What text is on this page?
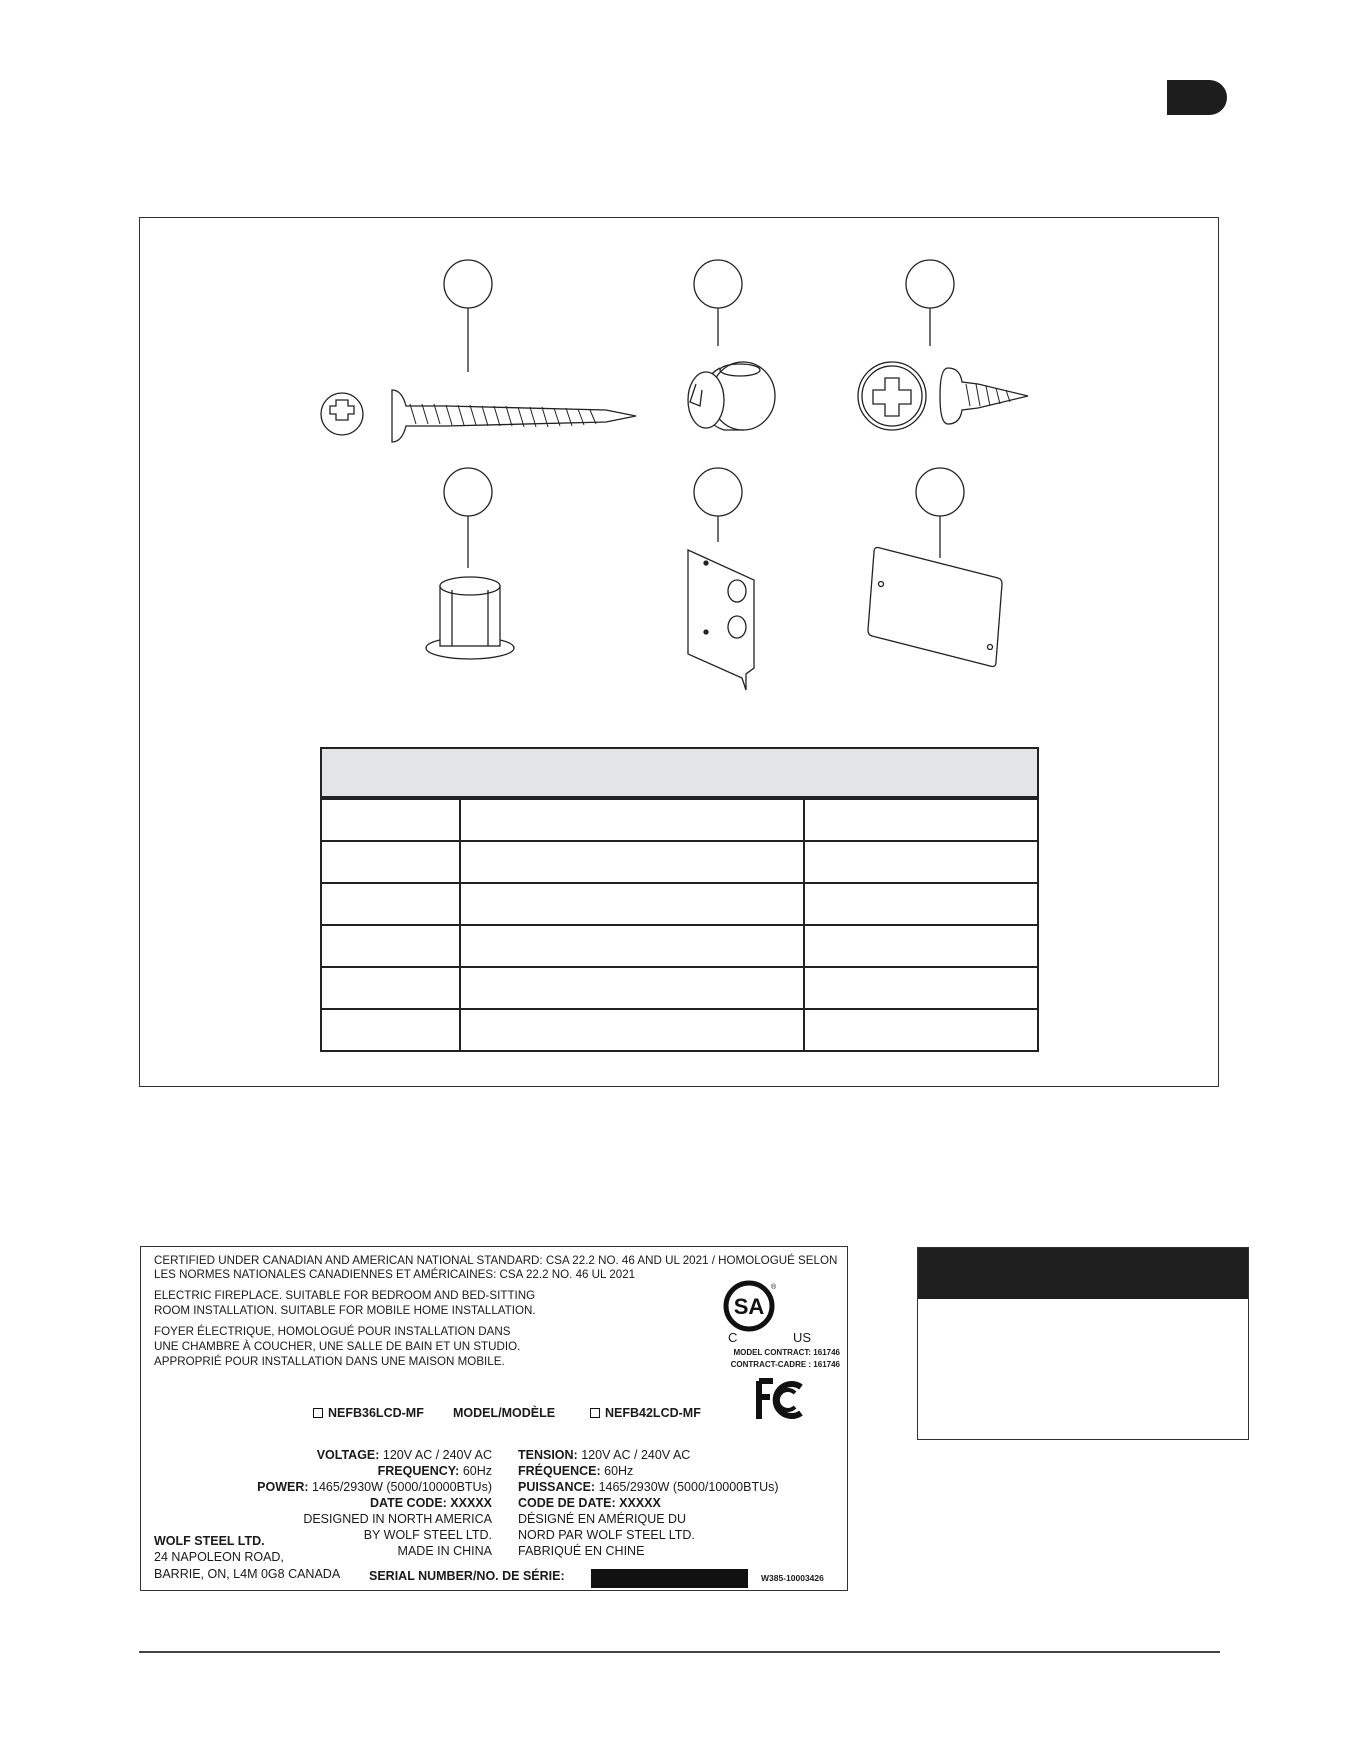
CERTIFIED UNDER CANADIAN AND AMERICAN NATIONAL STANDARD: CSA 22.2 NO. 46 AND UL 2021 / HOMOLOGUÉ SELON

LES NORMES NATIONALES CANADIENNES ET AMÉRICAINES: CSA 22.2 NO. 46 UL 2021

ELECTRIC FIREPLACE. SUITABLE FOR BEDROOM AND BED-SITTING

ROOM INSTALLATION. SUITABLE FOR MOBILE HOME INSTALLATION.

FOYER ÉLECTRIQUE, HOMOLOGUÉ POUR INSTALLATION DANS

UNE CHAMBRE À COUCHER, UNE SALLE DE BAIN ET UN STUDIO.

APPROPRIÉ POUR INSTALLATION DANS UNE MAISON MOBILE.

SA
®

C	US

MODEL CONTRACT: 161746

CONTRACT-CADRE : 161746

NEFB36LCD-MF MODEL/MODÈLE	NEFB42LCD-MF

VOLTAGE: 120V AC / 240V AC
FREQUENCY: 60Hz
POWER: 1465/2930W (5000/10000BTUs)
DATE CODE: XXXXX
DESIGNED IN NORTH AMERICA
BY WOLF STEEL LTD.
MADE IN CHINA
TENSION: 120V AC / 240V AC
FRÉQUENCE: 60Hz
PUISSANCE: 1465/2930W (5000/10000BTUs)
CODE DE DATE: XXXXX
DÉSIGNÉ EN AMÉRIQUE DU
NORD PAR WOLF STEEL LTD.
FABRIQUÉ EN CHINE

WOLF STEEL LTD.

24 NAPOLEON ROAD,

BARRIE, ON, L4M 0G8 CANADA SERIAL NUMBER/NO. DE SÉRIE:	W385-10003426
